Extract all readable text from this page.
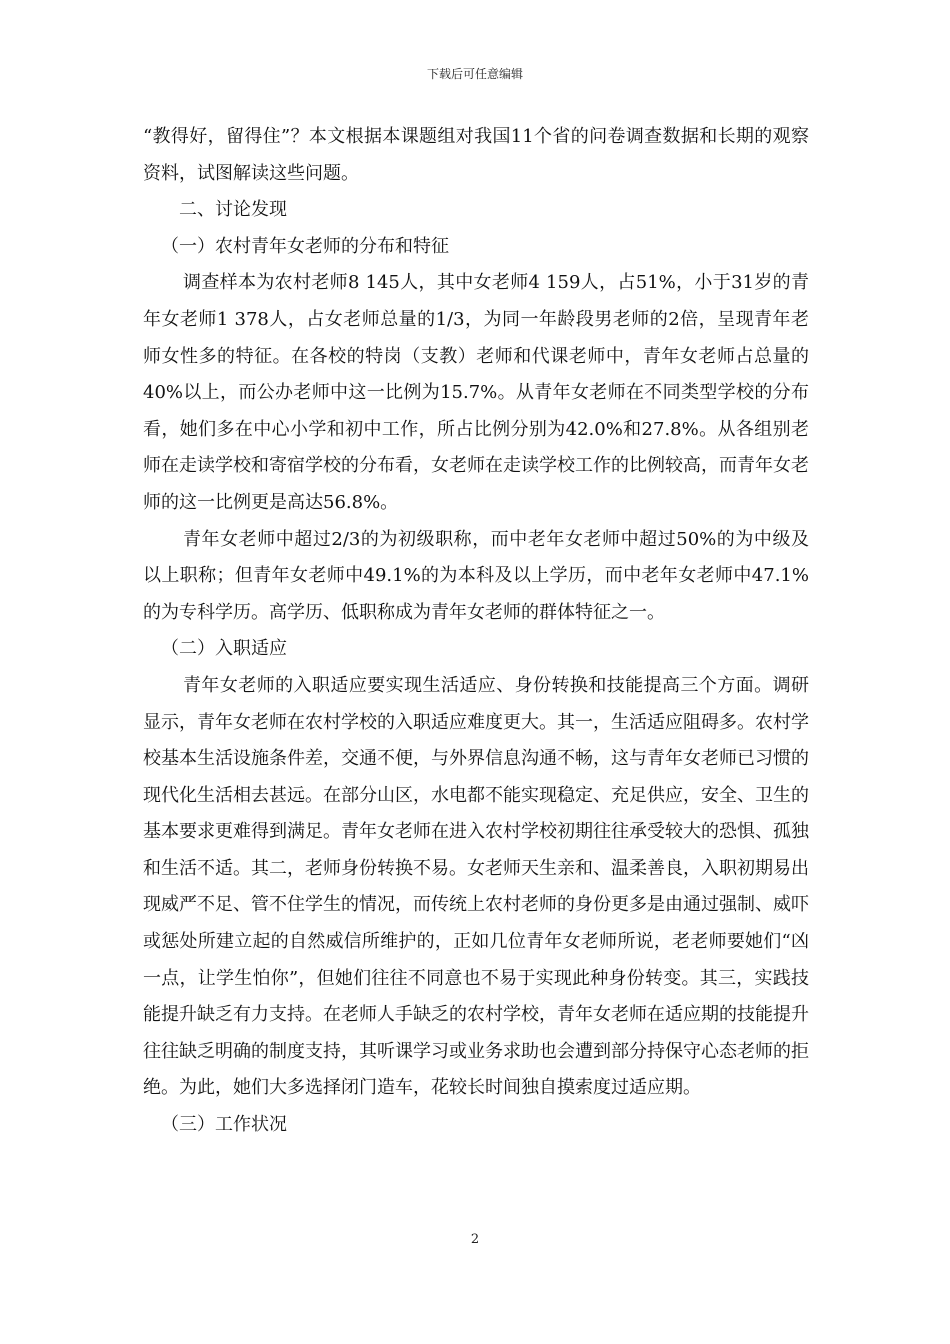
下载后可任意编辑

“教得好，留得住”？本文根据本课题组对我国11个省的问卷调查数据和长期的观察资料，试图解读这些问题。

二、讨论发现

（一）农村青年女老师的分布和特征

调查样本为农村老师8 145人，其中女老师4 159人，占51%，小于31岁的青年女老师1 378人，占女老师总量的1/3，为同一年龄段男老师的2倍，呈现青年老师女性多的特征。在各校的特岗（支教）老师和代课老师中，青年女老师占总量的40%以上，而公办老师中这一比例为15.7%。从青年女老师在不同类型学校的分布看，她们多在中心小学和初中工作，所占比例分别为42.0%和27.8%。从各组别老师在走读学校和寄宿学校的分布看，女老师在走读学校工作的比例较高，而青年女老师的这一比例更是高达56.8%。

青年女老师中超过2/3的为初级职称，而中老年女老师中超过50%的为中级及以上职称；但青年女老师中49.1%的为本科及以上学历，而中老年女老师中47.1%的为专科学历。高学历、低职称成为青年女老师的群体特征之一。

（二）入职适应

青年女老师的入职适应要实现生活适应、身份转换和技能提高三个方面。调研显示，青年女老师在农村学校的入职适应难度更大。其一，生活适应阻碍多。农村学校基本生活设施条件差，交通不便，与外界信息沟通不畅，这与青年女老师已习惯的现代化生活相去甚远。在部分山区，水电都不能实现稳定、充足供应，安全、卫生的基本要求更难得到满足。青年女老师在进入农村学校初期往往承受较大的恐惧、孤独和生活不适。其二，老师身份转换不易。女老师天生亲和、温柔善良，入职初期易出现威严不足、管不住学生的情况，而传统上农村老师的身份更多是由通过强制、威吓或惩处所建立起的自然威信所维护的，正如几位青年女老师所说，老老师要她们“凶一点，让学生怕你”，但她们往往不同意也不易于实现此种身份转变。其三，实践技能提升缺乏有力支持。在老师人手缺乏的农村学校，青年女老师在适应期的技能提升往往缺乏明确的制度支持，其听课学习或业务求助也会遭到部分持保守心态老师的拒绝。为此，她们大多选择闭门造车，花较长时间独自摸索度过适应期。

（三）工作状况

2
